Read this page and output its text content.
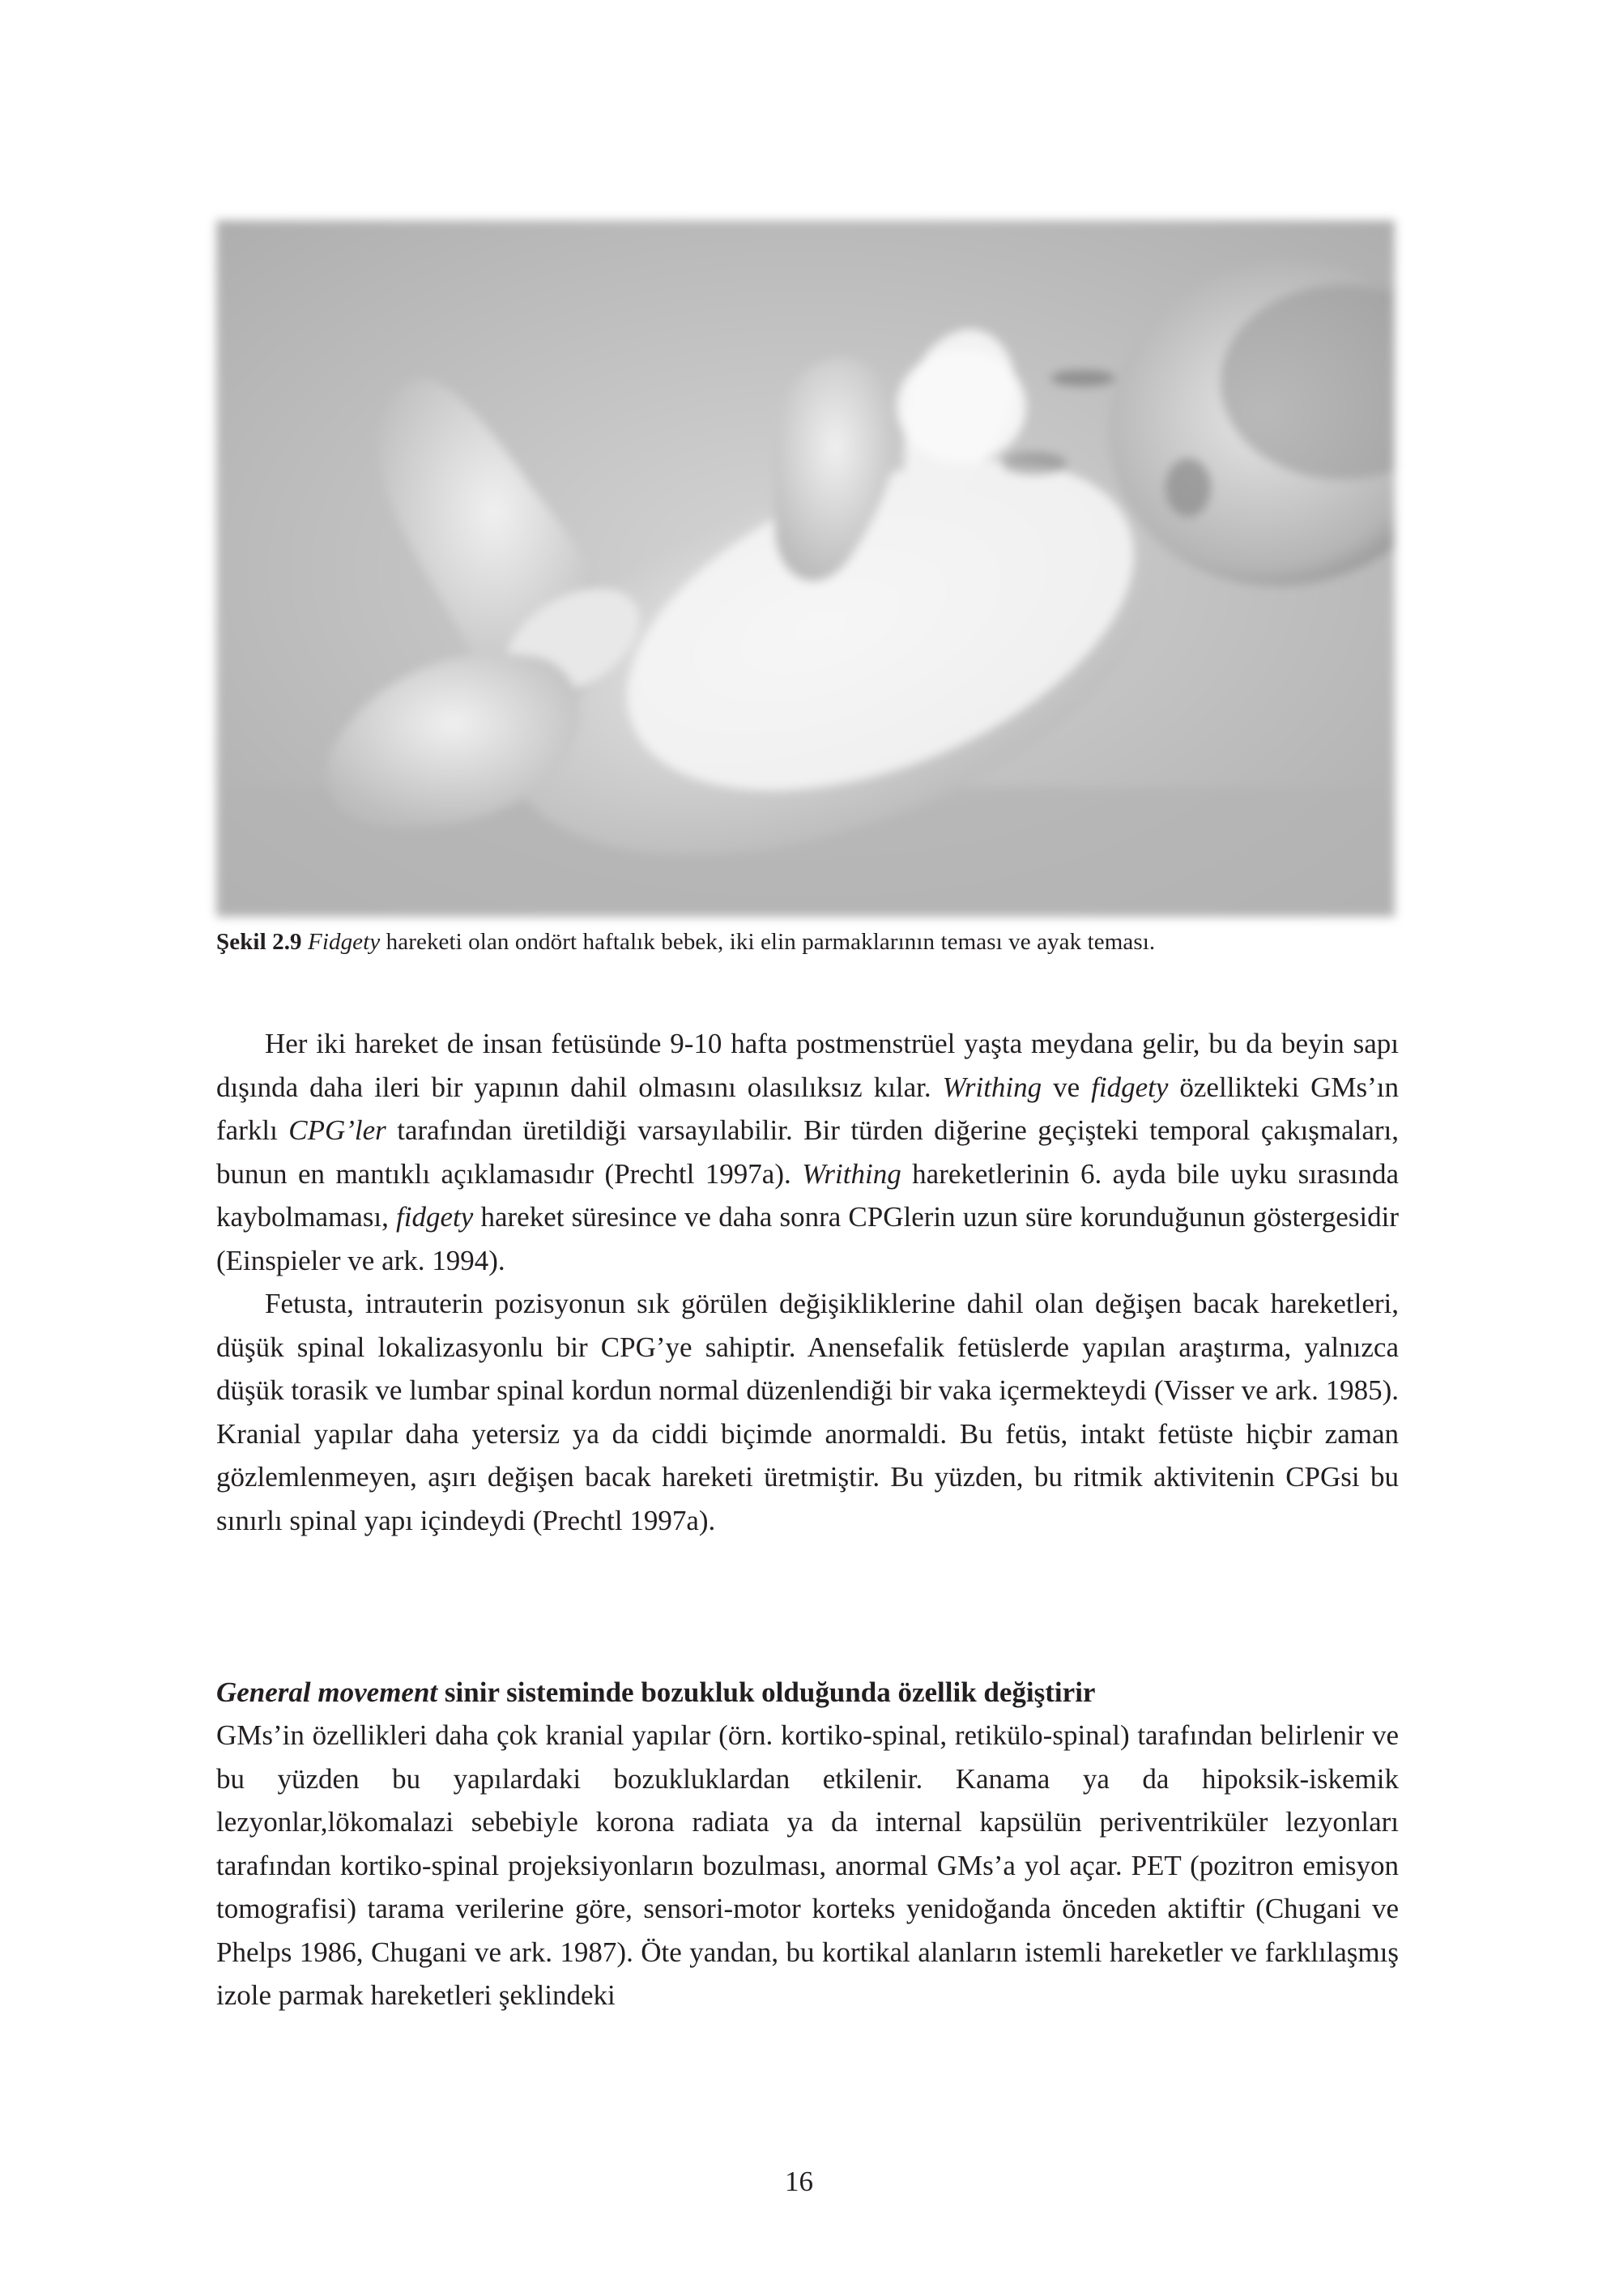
Şekil 2.9 Fidgety hareketi olan ondört haftalık bebek, iki elin parmaklarının teması ve ayak teması.

Her iki hareket de insan fetüsünde 9-10 hafta postmenstrüel yaşta meydana gelir, bu da beyin sapı dışında daha ileri bir yapının dahil olmasını olasılıksız kılar. Writhing ve fidgety özellikteki GMs’ın farklı CPG’ler tarafından üretildiği varsayılabilir. Bir türden diğerine geçişteki temporal çakışmaları, bunun en mantıklı açıklamasıdır (Prechtl 1997a). Writhing hareketlerinin 6. ayda bile uyku sırasında kaybolmaması, fidgety hareket süresince ve daha sonra CPGlerin uzun süre korunduğunun göstergesidir (Einspieler ve ark. 1994).

Fetusta, intrauterin pozisyonun sık görülen değişikliklerine dahil olan değişen bacak hareketleri, düşük spinal lokalizasyonlu bir CPG’ye sahiptir. Anensefalik fetüslerde yapılan araştırma, yalnızca düşük torasik ve lumbar spinal kordun normal düzenlendiği bir vaka içermekteydi (Visser ve ark. 1985). Kranial yapılar daha yetersiz ya da ciddi biçimde anormaldi. Bu fetüs, intakt fetüste hiçbir zaman gözlemlenmeyen, aşırı değişen bacak hareketi üretmiştir. Bu yüzden, bu ritmik aktivitenin CPGsi bu sınırlı spinal yapı içindeydi (Prechtl 1997a).

General movement sinir sisteminde bozukluk olduğunda özellik değiştirir

GMs’in özellikleri daha çok kranial yapılar (örn. kortiko-spinal, retikülo-spinal) tarafından belirlenir ve bu yüzden bu yapılardaki bozukluklardan etkilenir. Kanama ya da hipoksik-iskemik lezyonlar,lökomalazi sebebiyle korona radiata ya da internal kapsülün periventriküler lezyonları tarafından kortiko-spinal projeksiyonların bozulması, anormal GMs’a yol açar. PET (pozitron emisyon tomografisi) tarama verilerine göre, sensori-motor korteks yenidoğanda önceden aktiftir (Chugani ve Phelps 1986, Chugani ve ark. 1987). Öte yandan, bu kortikal alanların istemli hareketler ve farklılaşmış izole parmak hareketleri şeklindeki

16
